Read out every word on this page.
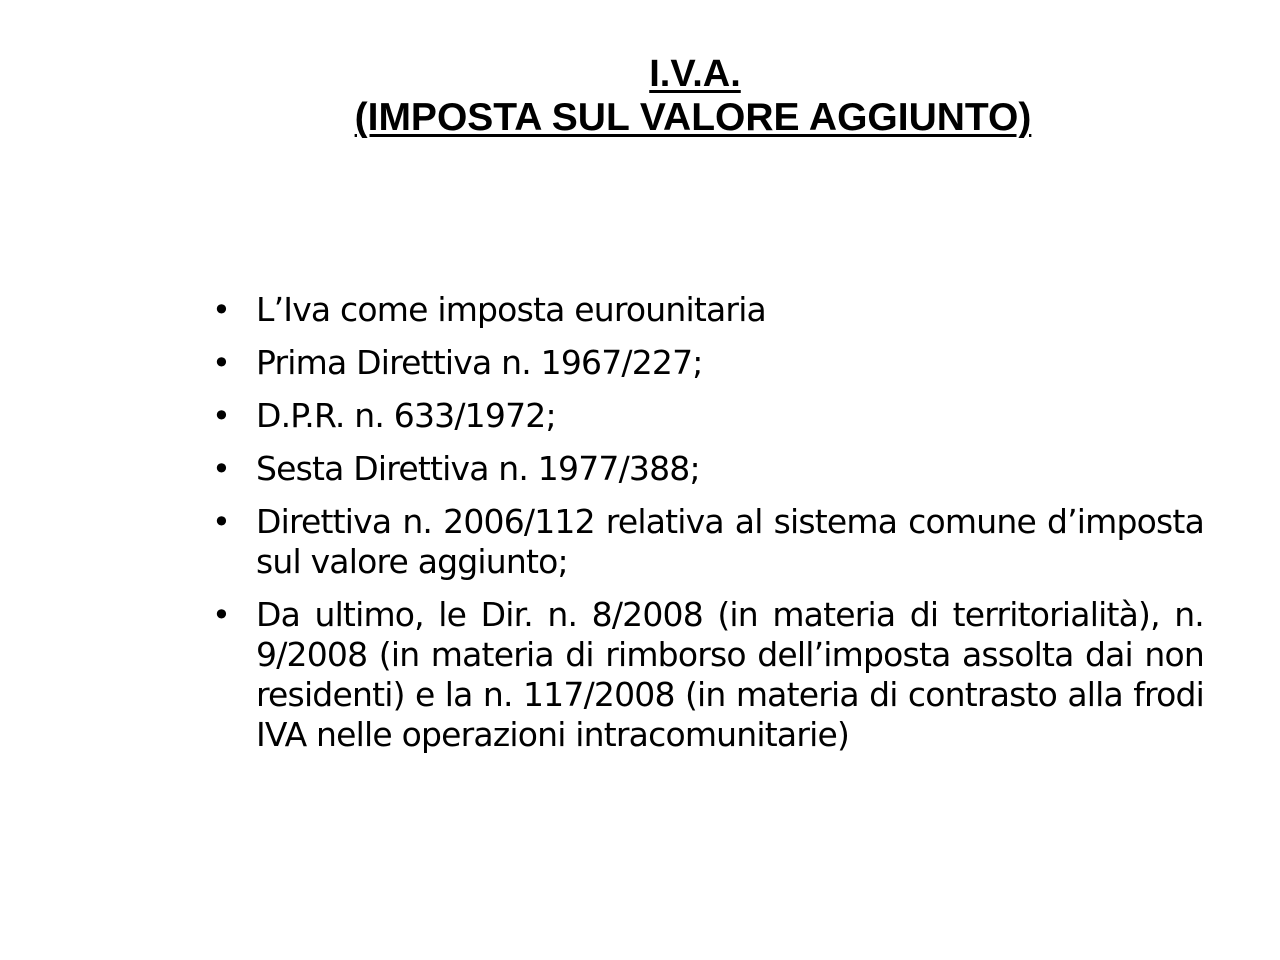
I.V.A.
(IMPOSTA SUL VALORE AGGIUNTO)
• L’Iva come imposta eurounitaria
• Prima Direttiva n. 1967/227;
• D.P.R. n. 633/1972;
• Sesta Direttiva n. 1977/388;
• Direttiva n. 2006/112 relativa al sistema comune d’imposta sul valore aggiunto;
• Da ultimo, le Dir. n. 8/2008 (in materia di territorialità), n. 9/2008 (in materia di rimborso dell’imposta assolta dai non residenti) e la n. 117/2008 (in materia di contrasto alla frodi IVA nelle operazioni intracomunitarie)
